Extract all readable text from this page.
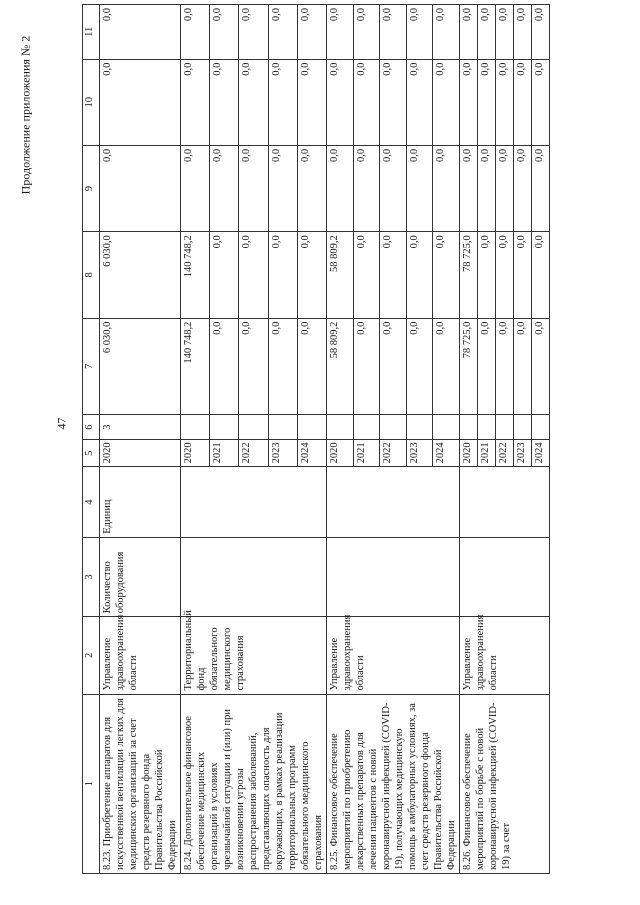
Продолжение приложения № 2
47
1	2	3	4	5	6	7	8	9	10	11
8.23. Приобретение аппаратов для искусственной вентиляции легких для медицинских организаций за счет средств резервного фонда Правительства Российской Федерации	Управление здравоохранения области	Количество оборудования	Единиц	2020	3	6 030,0	6 030,0	0,0	0,0	0,0
8.24. Дополнительное финансовое обеспечение медицинских организаций в условиях чрезвычайной ситуации и (или) при возникновении угрозы распространения заболеваний, представляющих опасность для окружающих, в рамках реализации территориальных программ обязательного медицинского страхования	Территориальный фонд обязательного медицинского страхования			2020		140 748,2	140 748,2	0,0	0,0	0,0
				2021		0,0	0,0	0,0	0,0	0,0
				2022		0,0	0,0	0,0	0,0	0,0
				2023		0,0	0,0	0,0	0,0	0,0
				2024		0,0	0,0	0,0	0,0	0,0
8.25. Финансовое обеспечение мероприятий по приобретению лекарственных препаратов для лечения пациентов с новой коронавирусной инфекцией (COVID-19), получающих медицинскую помощь в амбулаторных условиях, за счет средств резервного фонда Правительства Российской Федерации	Управление здравоохранения области			2020		58 809,2	58 809,2	0,0	0,0	0,0
				2021		0,0	0,0	0,0	0,0	0,0
				2022		0,0	0,0	0,0	0,0	0,0
				2023		0,0	0,0	0,0	0,0	0,0
				2024		0,0	0,0	0,0	0,0	0,0
8.26. Финансовое обеспечение мероприятий по борьбе с новой коронавирусной инфекцией (COVID-19) за счет	Управление здравоохранения области			2020		78 725,0	78 725,0	0,0	0,0	0,0
				2021		0,0	0,0	0,0	0,0	0,0
				2022		0,0	0,0	0,0	0,0	0,0
				2023		0,0	0,0	0,0	0,0	0,0
				2024		0,0	0,0	0,0	0,0	0,0
